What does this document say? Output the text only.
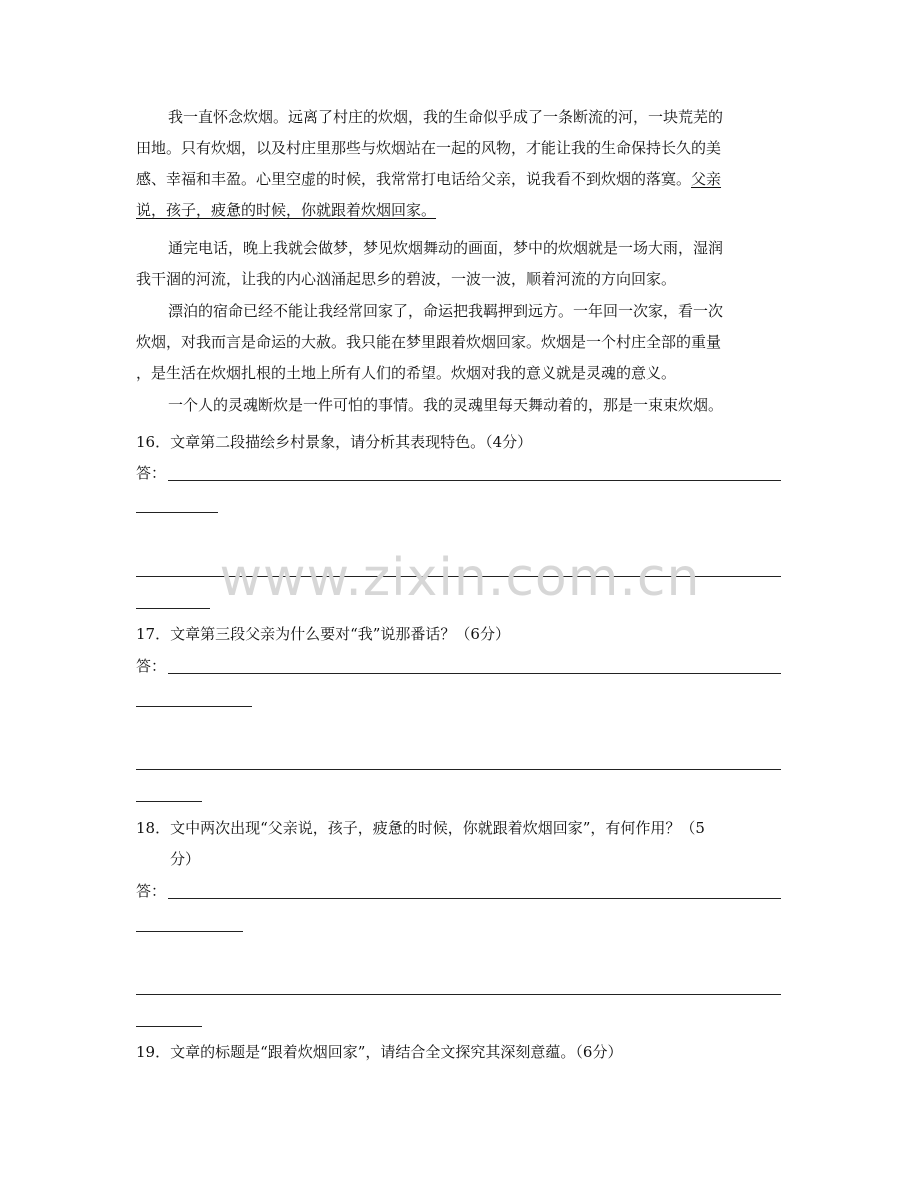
我一直怀念炊烟。远离了村庄的炊烟，我的生命似乎成了一条断流的河，一块荒芜的
田地。只有炊烟，以及村庄里那些与炊烟站在一起的风物，才能让我的生命保持长久的美
感、幸福和丰盈。心里空虚的时候，我常常打电话给父亲，说我看不到炊烟的落寞。父亲
说，孩子，疲惫的时候，你就跟着炊烟回家。
通完电话，晚上我就会做梦，梦见炊烟舞动的画面，梦中的炊烟就是一场大雨，湿润
我干涸的河流，让我的内心汹涌起思乡的碧波，一波一波，顺着河流的方向回家。
漂泊的宿命已经不能让我经常回家了，命运把我羁押到远方。一年回一次家，看一次
炊烟，对我而言是命运的大赦。我只能在梦里跟着炊烟回家。炊烟是一个村庄全部的重量
，是生活在炊烟扎根的土地上所有人们的希望。炊烟对我的意义就是灵魂的意义。
一个人的灵魂断炊是一件可怕的事情。我的灵魂里每天舞动着的，那是一束束炊烟。
16．文章第二段描绘乡村景象，请分析其表现特色。（4分）
答：
17．文章第三段父亲为什么要对“我”说那番话？（6分）
答：
18．文中两次出现“父亲说，孩子，疲惫的时候，你就跟着炊烟回家”，有何作用？（5
分）
答：
19．文章的标题是“跟着炊烟回家”，请结合全文探究其深刻意蕴。（6分）
www.zixin.com.cn
